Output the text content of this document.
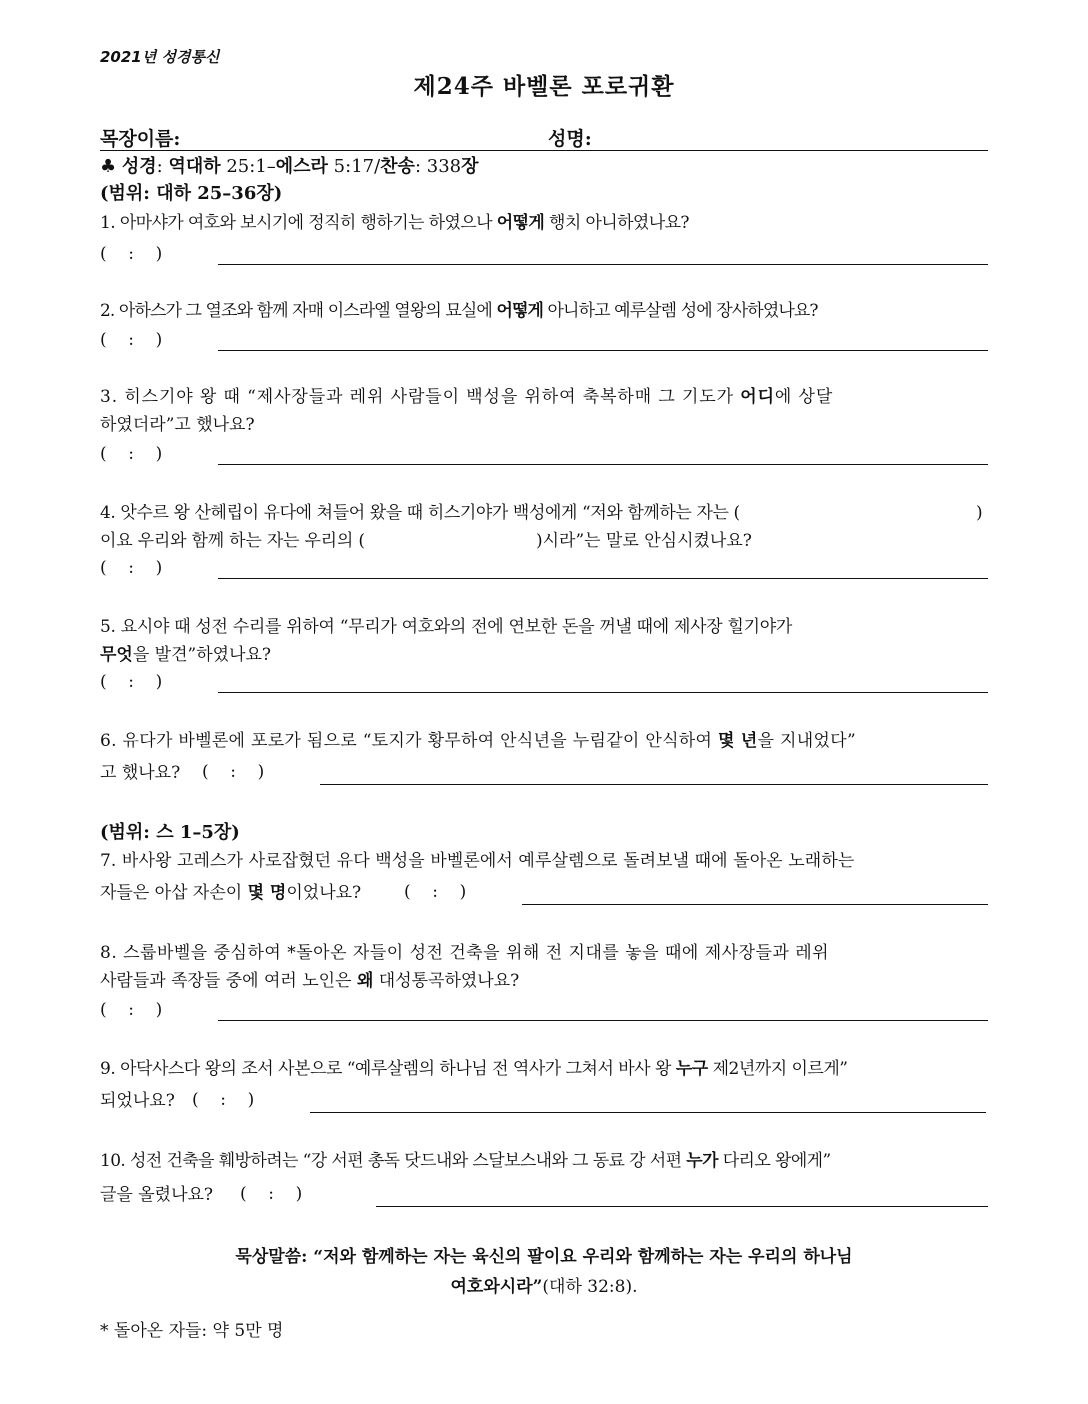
2021년 성경통신
제24주 바벨론 포로귀환
목장이름:	성명:
♣ 성경: 역대하 25:1–에스라 5:17/찬송: 338장
(범위: 대하 25–36장)
1. 아마샤가 여호와 보시기에 정직히 행하기는 하였으나 어떻게 행치 아니하였나요?
(    :    )
2. 아하스가 그 열조와 함께 자매 이스라엘 열왕의 묘실에 어떻게 아니하고 예루살렘 성에 장사하였나요?
(    :    )
3. 히스기야 왕 때 “제사장들과 레위 사람들이 백성을 위하여 축복하매 그 기도가 어디에 상달
하였더라”고 했나요?
(    :    )
4. 앗수르 왕 산헤립이 유다에 쳐들어 왔을 때 히스기야가 백성에게 “저와 함께하는 자는 (	)
이요 우리와 함께 하는 자는 우리의 (	)시라”는 말로 안심시켰나요?
(    :    )
5. 요시야 때 성전 수리를 위하여 “무리가 여호와의 전에 연보한 돈을 꺼낼 때에 제사장 힐기야가
무엇을 발견”하였나요?
(    :    )
6. 유다가 바벨론에 포로가 됨으로 “토지가 황무하여 안식년을 누림같이 안식하여 몇 년을 지내었다”
고 했나요? (    :    )
(범위: 스 1–5장)
7. 바사왕 고레스가 사로잡혔던 유다 백성을 바벨론에서 예루살렘으로 돌려보낼 때에 돌아온 노래하는
자들은 아삽 자손이 몇 명이었나요?	(    :    )
8. 스룹바벨을 중심하여 *돌아온 자들이 성전 건축을 위해 전 지대를 놓을 때에 제사장들과 레위
사람들과 족장들 중에 여러 노인은 왜 대성통곡하였나요?
(    :    )
9. 아닥사스다 왕의 조서 사본으로 “예루살렘의 하나님 전 역사가 그쳐서 바사 왕 누구 제2년까지 이르게”
되었나요? (    :    )
10. 성전 건축을 훼방하려는 “강 서편 총독 닷드내와 스달보스내와 그 동료 강 서편 누가 다리오 왕에게”
글을 올렸나요? (    :    )
묵상말씀: “저와 함께하는 자는 육신의 팔이요 우리와 함께하는 자는 우리의 하나님
여호와시라”(대하 32:8).
* 돌아온 자들: 약 5만 명
